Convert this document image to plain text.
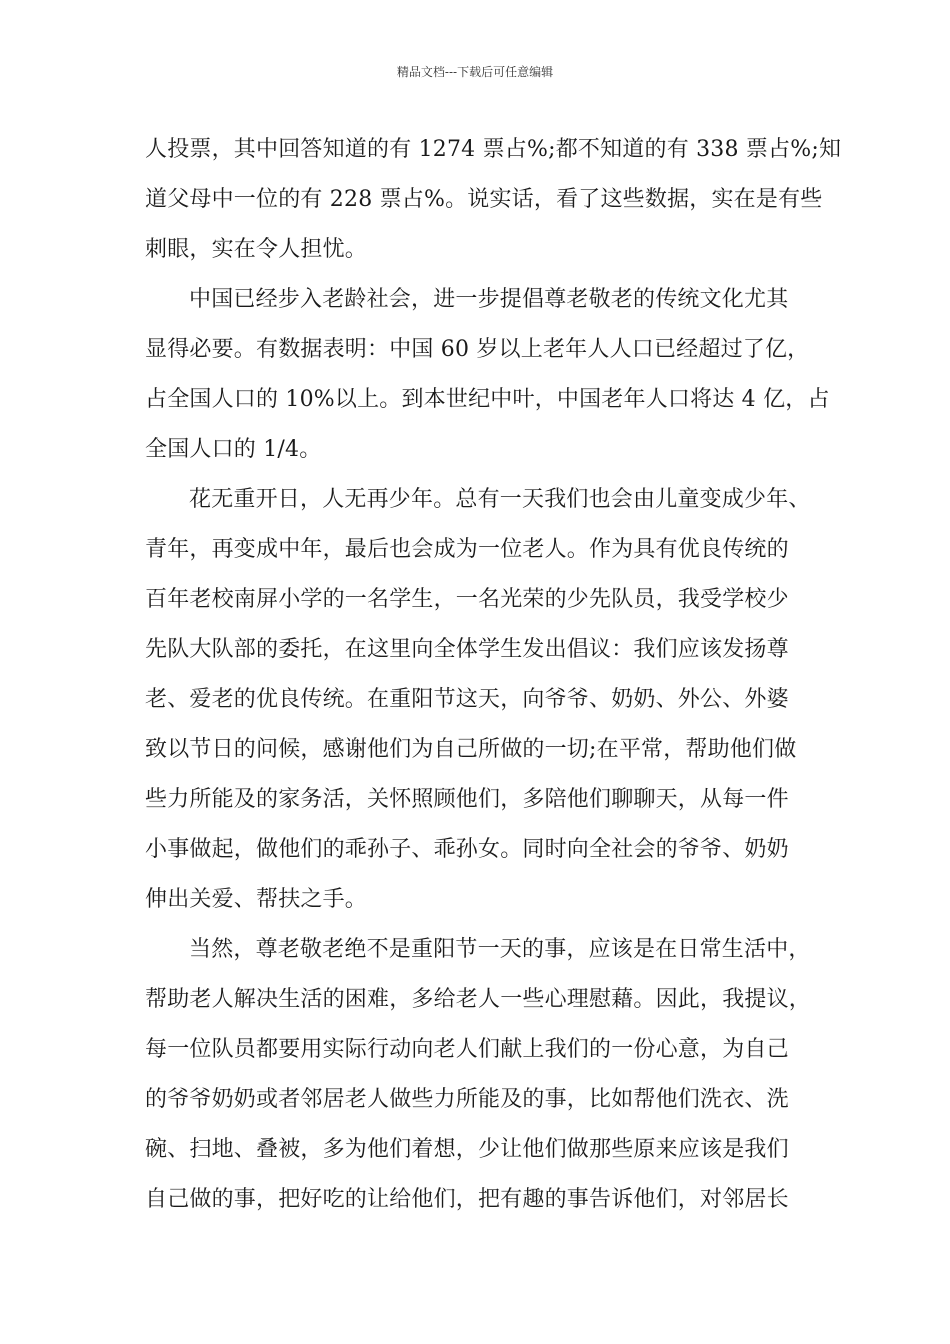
精品文档---下载后可任意编辑
人投票，其中回答知道的有 1274 票占%;都不知道的有 338 票占%;知
道父母中一位的有 228 票占%。说实话，看了这些数据，实在是有些
刺眼，实在令人担忧。
中国已经步入老龄社会，进一步提倡尊老敬老的传统文化尤其
显得必要。有数据表明：中国 60 岁以上老年人人口已经超过了亿，
占全国人口的 10%以上。到本世纪中叶，中国老年人口将达 4 亿，占
全国人口的 1/4。
花无重开日，人无再少年。总有一天我们也会由儿童变成少年、
青年，再变成中年，最后也会成为一位老人。作为具有优良传统的
百年老校南屏小学的一名学生，一名光荣的少先队员，我受学校少
先队大队部的委托，在这里向全体学生发出倡议：我们应该发扬尊
老、爱老的优良传统。在重阳节这天，向爷爷、奶奶、外公、外婆
致以节日的问候，感谢他们为自己所做的一切;在平常，帮助他们做
些力所能及的家务活，关怀照顾他们，多陪他们聊聊天，从每一件
小事做起，做他们的乖孙子、乖孙女。同时向全社会的爷爷、奶奶
伸出关爱、帮扶之手。
当然，尊老敬老绝不是重阳节一天的事，应该是在日常生活中，
帮助老人解决生活的困难，多给老人一些心理慰藉。因此，我提议，
每一位队员都要用实际行动向老人们献上我们的一份心意，为自己
的爷爷奶奶或者邻居老人做些力所能及的事，比如帮他们洗衣、洗
碗、扫地、叠被，多为他们着想，少让他们做那些原来应该是我们
自己做的事，把好吃的让给他们，把有趣的事告诉他们，对邻居长
